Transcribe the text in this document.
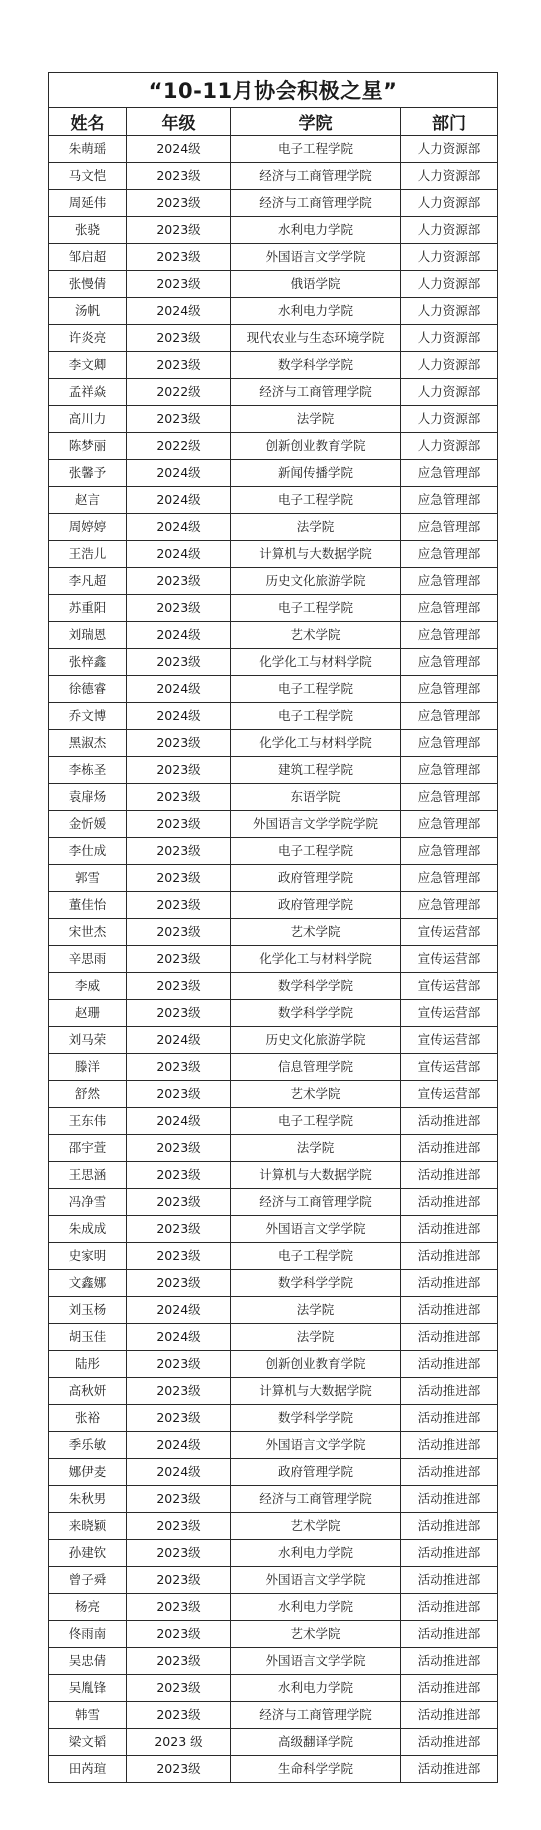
“10-11月协会积极之星”			
姓名	年级	学院	部门
朱萌瑶	2024级	电子工程学院	人力资源部
马文恺	2023级	经济与工商管理学院	人力资源部
周延伟	2023级	经济与工商管理学院	人力资源部
张骁	2023级	水利电力学院	人力资源部
邹启超	2023级	外国语言文学学院	人力资源部
张慢倩	2023级	俄语学院	人力资源部
汤帆	2024级	水利电力学院	人力资源部
许炎亮	2023级	现代农业与生态环境学院	人力资源部
李文卿	2023级	数学科学学院	人力资源部
孟祥焱	2022级	经济与工商管理学院	人力资源部
高川力	2023级	法学院	人力资源部
陈梦丽	2022级	创新创业教育学院	人力资源部
张馨予	2024级	新闻传播学院	应急管理部
赵言	2024级	电子工程学院	应急管理部
周婷婷	2024级	法学院	应急管理部
王浩儿	2024级	计算机与大数据学院	应急管理部
李凡超	2023级	历史文化旅游学院	应急管理部
苏重阳	2023级	电子工程学院	应急管理部
刘瑞恩	2024级	艺术学院	应急管理部
张梓鑫	2023级	化学化工与材料学院	应急管理部
徐德睿	2024级	电子工程学院	应急管理部
乔文博	2024级	电子工程学院	应急管理部
黑淑杰	2023级	化学化工与材料学院	应急管理部
李栋圣	2023级	建筑工程学院	应急管理部
袁扉炀	2023级	东语学院	应急管理部
金忻媛	2023级	外国语言文学学院学院	应急管理部
李仕成	2023级	电子工程学院	应急管理部
郭雪	2023级	政府管理学院	应急管理部
董佳怡	2023级	政府管理学院	应急管理部
宋世杰	2023级	艺术学院	宣传运营部
辛思雨	2023级	化学化工与材料学院	宣传运营部
李威	2023级	数学科学学院	宣传运营部
赵珊	2023级	数学科学学院	宣传运营部
刘马荣	2024级	历史文化旅游学院	宣传运营部
滕洋	2023级	信息管理学院	宣传运营部
舒然	2023级	艺术学院	宣传运营部
王东伟	2024级	电子工程学院	活动推进部
邵宇萱	2023级	法学院	活动推进部
王思涵	2023级	计算机与大数据学院	活动推进部
冯净雪	2023级	经济与工商管理学院	活动推进部
朱成成	2023级	外国语言文学学院	活动推进部
史家明	2023级	电子工程学院	活动推进部
文鑫娜	2023级	数学科学学院	活动推进部
刘玉杨	2024级	法学院	活动推进部
胡玉佳	2024级	法学院	活动推进部
陆彤	2023级	创新创业教育学院	活动推进部
高秋妍	2023级	计算机与大数据学院	活动推进部
张裕	2023级	数学科学学院	活动推进部
季乐敏	2024级	外国语言文学学院	活动推进部
娜伊麦	2024级	政府管理学院	活动推进部
朱秋男	2023级	经济与工商管理学院	活动推进部
来晓颖	2023级	艺术学院	活动推进部
孙建钦	2023级	水利电力学院	活动推进部
曾子舜	2023级	外国语言文学学院	活动推进部
杨亮	2023级	水利电力学院	活动推进部
佟雨南	2023级	艺术学院	活动推进部
吴忠倩	2023级	外国语言文学学院	活动推进部
吴胤锋	2023级	水利电力学院	活动推进部
韩雪	2023级	经济与工商管理学院	活动推进部
梁文韬	2023 级	高级翻译学院	活动推进部
田芮瑄	2023级	生命科学学院	活动推进部
